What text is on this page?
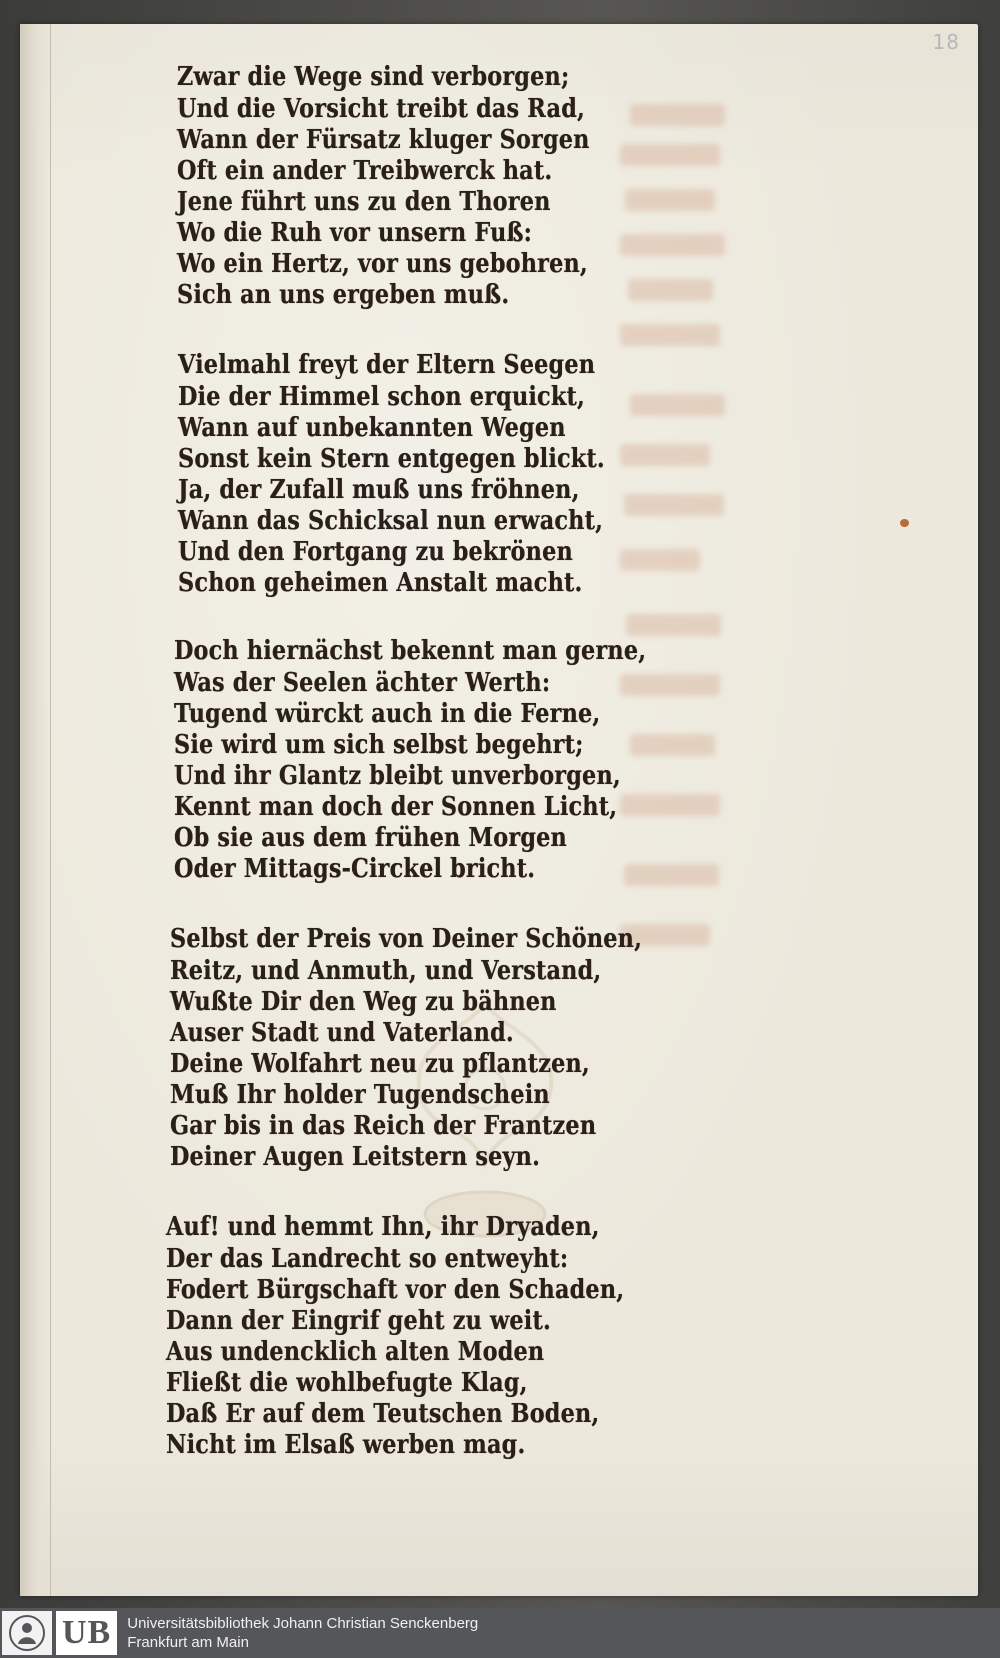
18
Zwar die Wege sind verborgen;
Und die Vorsicht treibt das Rad,
Wann der Fürsatz kluger Sorgen
Oft ein ander Treibwerck hat.
Jene führt uns zu den Thoren
Wo die Ruh vor unsern Fuß:
Wo ein Hertz, vor uns gebohren,
Sich an uns ergeben muß.
Vielmahl freyt der Eltern Seegen
Die der Himmel schon erquickt,
Wann auf unbekannten Wegen
Sonst kein Stern entgegen blickt.
Ja, der Zufall muß uns fröhnen,
Wann das Schicksal nun erwacht,
Und den Fortgang zu bekrönen
Schon geheimen Anstalt macht.
Doch hiernächst bekennt man gerne,
Was der Seelen ächter Werth:
Tugend würckt auch in die Ferne,
Sie wird um sich selbst begehrt;
Und ihr Glantz bleibt unverborgen,
Kennt man doch der Sonnen Licht,
Ob sie aus dem frühen Morgen
Oder Mittags-Circkel bricht.
Selbst der Preis von Deiner Schönen,
Reitz, und Anmuth, und Verstand,
Wußte Dir den Weg zu bähnen
Auser Stadt und Vaterland.
Deine Wolfahrt neu zu pflantzen,
Muß Ihr holder Tugendschein
Gar bis in das Reich der Frantzen
Deiner Augen Leitstern seyn.
Auf! und hemmt Ihn, ihr Dryaden,
Der das Landrecht so entweyht:
Fodert Bürgschaft vor den Schaden,
Dann der Eingrif geht zu weit.
Aus undencklich alten Moden
Fließt die wohlbefugte Klag,
Daß Er auf dem Teutschen Boden,
Nicht im Elsaß werben mag.
UB	Universitätsbibliothek Johann Christian Senckenberg
Frankfurt am Main
